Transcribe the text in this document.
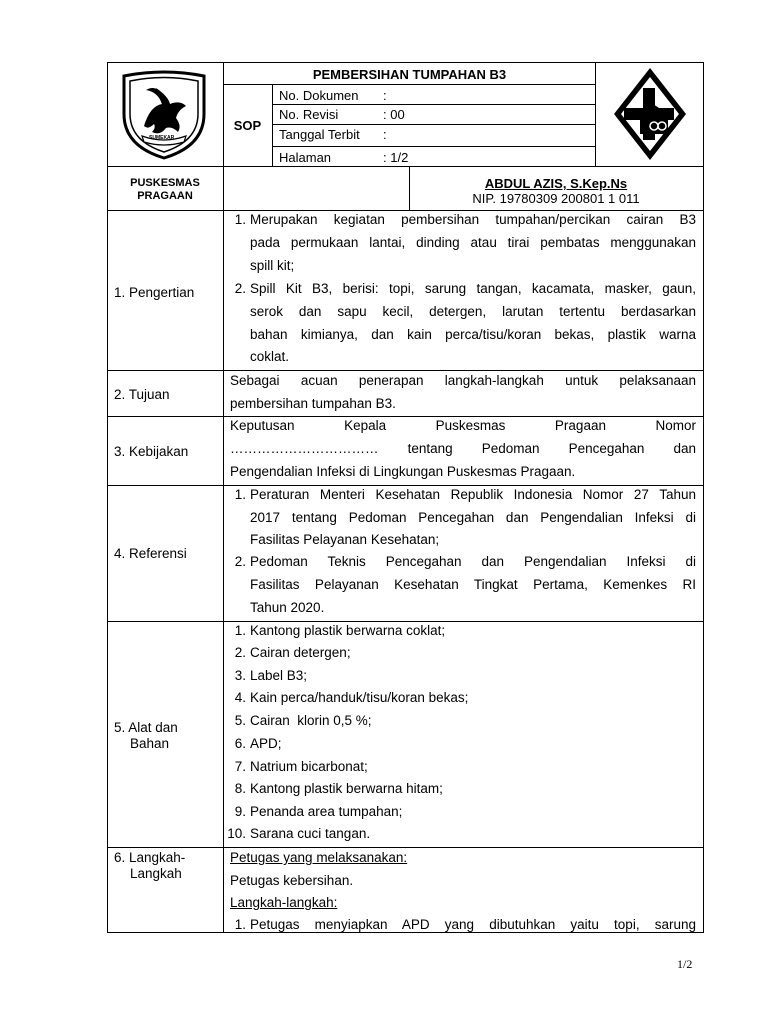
SUMEKAR
PEMBERSIHAN TUMPAHAN B3
SOP
No. Dokumen :
No. Revisi	: 00
Tanggal Terbit :
Halaman	: 1/2
PUSKESMAS
PRAGAAN
ABDUL AZIS, S.Kep.Ns
NIP. 19780309 200801 1 011
1. Pengertian
1. Merupakan kegiatan pembersihan tumpahan/percikan cairan B3
pada permukaan lantai, dinding atau tirai pembatas menggunakan
spill kit;
2. Spill Kit B3, berisi: topi, sarung tangan, kacamata, masker, gaun,
serok dan sapu kecil, detergen, larutan tertentu berdasarkan
bahan kimianya, dan kain perca/tisu/koran bekas, plastik warna
coklat.
2. Tujuan
Sebagai acuan penerapan langkah-langkah untuk pelaksanaan
pembersihan tumpahan B3.
3. Kebijakan
Keputusan Kepala Puskesmas Pragaan Nomor
…………………………… tentang Pedoman Pencegahan dan
Pengendalian Infeksi di Lingkungan Puskesmas Pragaan.
4. Referensi
1. Peraturan Menteri Kesehatan Republik Indonesia Nomor 27 Tahun
2017 tentang Pedoman Pencegahan dan Pengendalian Infeksi di
Fasilitas Pelayanan Kesehatan;
2. Pedoman Teknis Pencegahan dan Pengendalian Infeksi di
Fasilitas Pelayanan Kesehatan Tingkat Pertama, Kemenkes RI
Tahun 2020.
5. Alat dan
Bahan
1. Kantong plastik berwarna coklat;
2. Cairan detergen;
3. Label B3;
4. Kain perca/handuk/tisu/koran bekas;
5. Cairan  klorin 0,5 %;
6. APD;
7. Natrium bicarbonat;
8. Kantong plastik berwarna hitam;
9. Penanda area tumpahan;
10. Sarana cuci tangan.
6. Langkah-
Langkah
Petugas yang melaksanakan:
Petugas kebersihan.
Langkah-langkah:
1. Petugas menyiapkan APD yang dibutuhkan yaitu topi, sarung
1/2
